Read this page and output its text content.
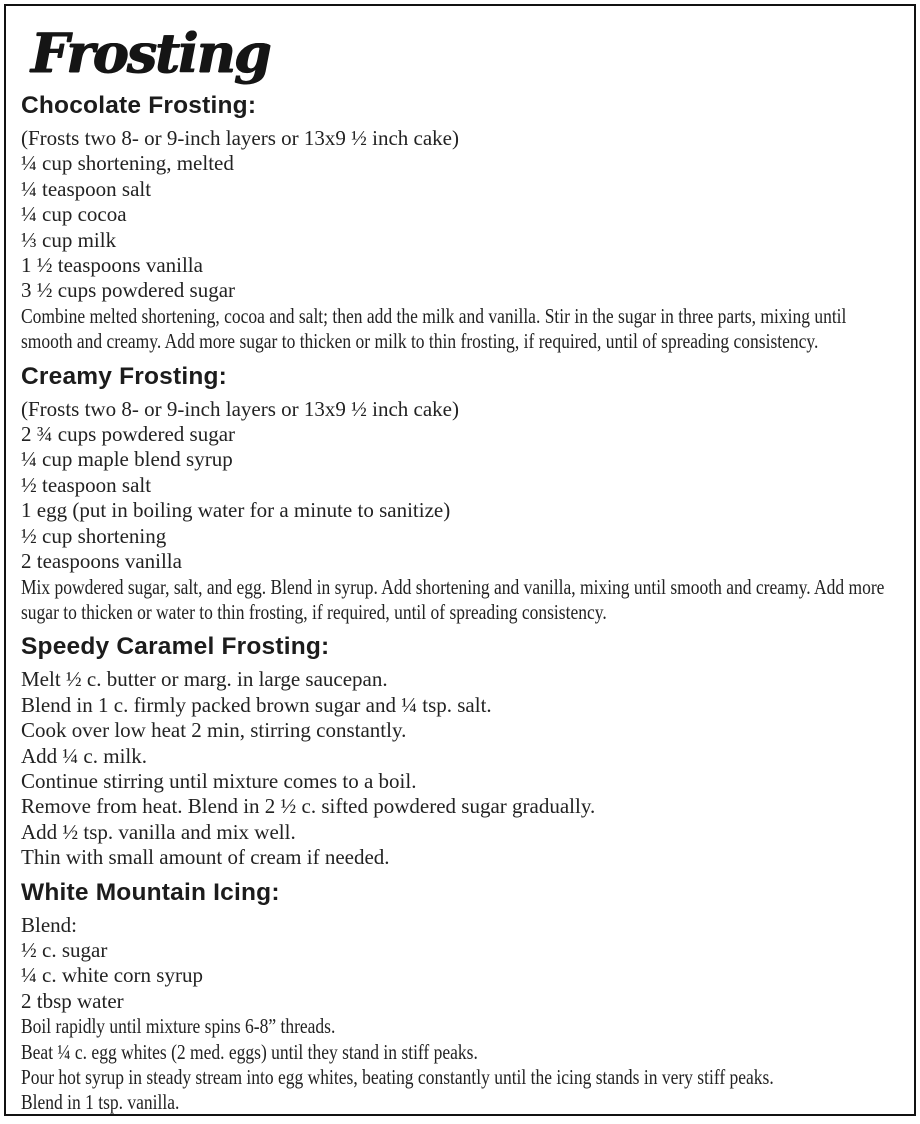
Frosting
Chocolate Frosting:

(Frosts two 8- or 9-inch layers or 13x9 ½ inch cake)

¼ cup shortening, melted

¼ teaspoon salt

¼ cup cocoa

⅓ cup milk

1 ½ teaspoons vanilla

3 ½ cups powdered sugar

Combine melted shortening, cocoa and salt; then add the milk and vanilla. Stir in the sugar in three parts, mixing until smooth and creamy. Add more sugar to thicken or milk to thin frosting, if required, until of spreading consistency.

Creamy Frosting:

(Frosts two 8- or 9-inch layers or 13x9 ½ inch cake)

2 ¾ cups powdered sugar

¼ cup maple blend syrup

½ teaspoon salt

1 egg (put in boiling water for a minute to sanitize)

½ cup shortening

2 teaspoons vanilla

Mix powdered sugar, salt, and egg. Blend in syrup. Add shortening and vanilla, mixing until smooth and creamy. Add more sugar to thicken or water to thin frosting, if required, until of spreading consistency.

Speedy Caramel Frosting:

Melt ½ c. butter or marg. in large saucepan.

Blend in 1 c. firmly packed brown sugar and ¼ tsp. salt.

Cook over low heat 2 min, stirring constantly.

Add ¼ c. milk.

Continue stirring until mixture comes to a boil.

Remove from heat. Blend in 2 ½ c. sifted powdered sugar gradually.

Add ½ tsp. vanilla and mix well.

Thin with small amount of cream if needed.

White Mountain Icing:

Blend:

½ c. sugar

¼ c. white corn syrup

2 tbsp water

Boil rapidly until mixture spins 6-8” threads.

Beat ¼ c. egg whites (2 med. eggs) until they stand in stiff peaks.

Pour hot syrup in steady stream into egg whites, beating constantly until the icing stands in very stiff peaks.

Blend in 1 tsp. vanilla.
